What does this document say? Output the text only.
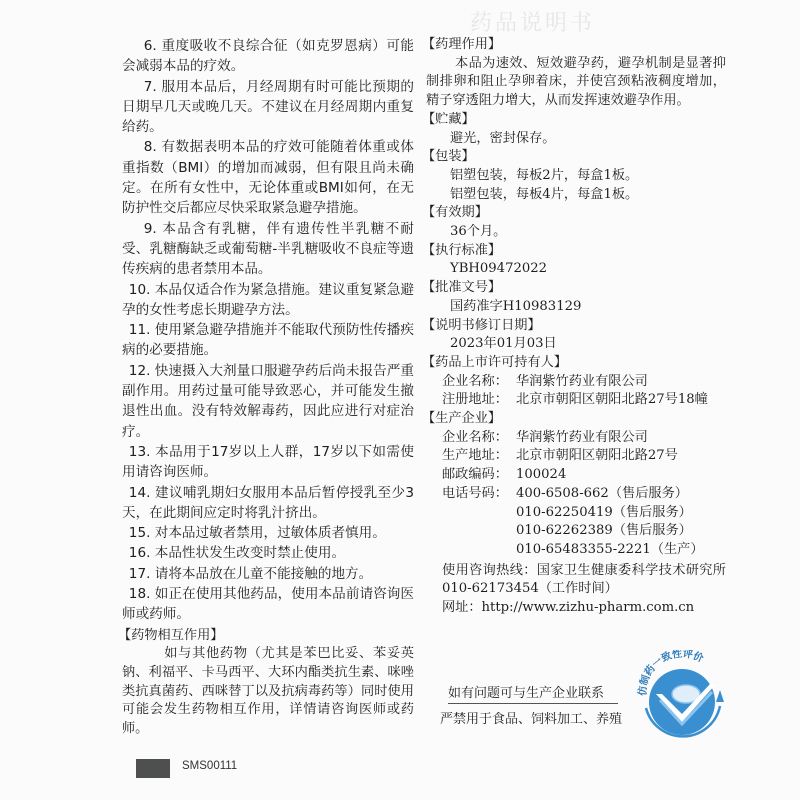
药品说明书

6. 重度吸收不良综合征（如克罗恩病）可能会减弱本品的疗效。

7. 服用本品后，月经周期有时可能比预期的日期早几天或晚几天。不建议在月经周期内重复给药。

8. 有数据表明本品的疗效可能随着体重或体重指数（BMI）的增加而减弱，但有限且尚未确定。在所有女性中，无论体重或BMI如何，在无防护性交后都应尽快采取紧急避孕措施。

9. 本品含有乳糖，伴有遗传性半乳糖不耐受、乳糖酶缺乏或葡萄糖-半乳糖吸收不良症等遗传疾病的患者禁用本品。

10. 本品仅适合作为紧急措施。建议重复紧急避孕的女性考虑长期避孕方法。

11. 使用紧急避孕措施并不能取代预防性传播疾病的必要措施。

12. 快速摄入大剂量口服避孕药后尚未报告严重副作用。用药过量可能导致恶心，并可能发生撤退性出血。没有特效解毒药，因此应进行对症治疗。

13. 本品用于17岁以上人群，17岁以下如需使用请咨询医师。

14. 建议哺乳期妇女服用本品后暂停授乳至少3天，在此期间应定时将乳汁挤出。

15. 对本品过敏者禁用，过敏体质者慎用。

16. 本品性状发生改变时禁止使用。

17. 请将本品放在儿童不能接触的地方。

18. 如正在使用其他药品，使用本品前请咨询医师或药师。

【药物相互作用】

如与其他药物（尤其是苯巴比妥、苯妥英钠、利福平、卡马西平、大环内酯类抗生素、咪唑类抗真菌药、西咪替丁以及抗病毒药等）同时使用可能会发生药物相互作用，详情请咨询医师或药师。

【药理作用】

本品为速效、短效避孕药，避孕机制是显著抑制排卵和阻止孕卵着床，并使宫颈粘液稠度增加，精子穿透阻力增大，从而发挥速效避孕作用。

【贮藏】

避光，密封保存。

【包装】

铝塑包装，每板2片，每盒1板。

铝塑包装，每板4片，每盒1板。

【有效期】

36个月。

【执行标准】

YBH09472022

【批准文号】

国药准字H10983129

【说明书修订日期】

2023年01月03日

【药品上市许可持有人】

企业名称： 华润紫竹药业有限公司
注册地址： 北京市朝阳区朝阳北路27号18幢

【生产企业】

企业名称： 华润紫竹药业有限公司
生产地址： 北京市朝阳区朝阳北路27号
邮政编码： 100024
电话号码： 400-6508-662（售后服务）
010-62250419（售后服务）
010-62262389（售后服务）
010-65483355-2221（生产）

使用咨询热线：国家卫生健康委科学技术研究所 010-62173454（工作时间）

网址：http://www.zizhu-pharm.com.cn

如有问题可与生产企业联系
严禁用于食品、饲料加工、养殖
仿制药一致性评价
SMS00111
